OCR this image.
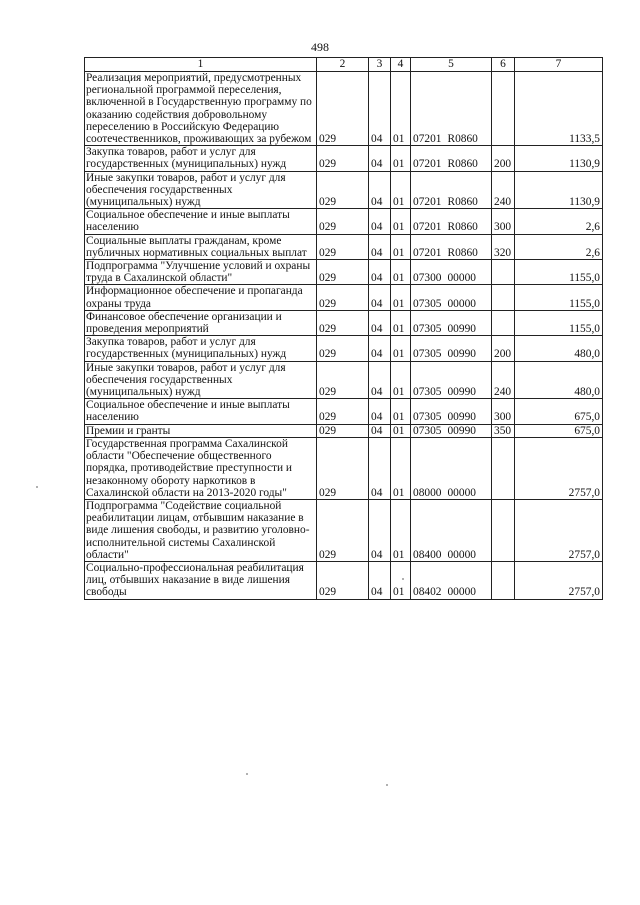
498
1	2	3	4	5	6	7
Реализация мероприятий, предусмотренных региональной программой переселения, включенной в Государственную программу по оказанию содействия добровольному переселению в Российскую Федерацию соотечественников, проживающих за рубежом	029	04	01	07201 R0860		1133,5
Закупка товаров, работ и услуг для государственных (муниципальных) нужд	029	04	01	07201 R0860	200	1130,9
Иные закупки товаров, работ и услуг для обеспечения государственных (муниципальных) нужд	029	04	01	07201 R0860	240	1130,9
Социальное обеспечение и иные выплаты населению	029	04	01	07201 R0860	300	2,6
Социальные выплаты гражданам, кроме публичных нормативных социальных выплат	029	04	01	07201 R0860	320	2,6
Подпрограмма "Улучшение условий и охраны труда в Сахалинской области"	029	04	01	07300 00000		1155,0
Информационное обеспечение и пропаганда охраны труда	029	04	01	07305 00000		1155,0
Финансовое обеспечение организации и проведения мероприятий	029	04	01	07305 00990		1155,0
Закупка товаров, работ и услуг для государственных (муниципальных) нужд	029	04	01	07305 00990	200	480,0
Иные закупки товаров, работ и услуг для обеспечения государственных (муниципальных) нужд	029	04	01	07305 00990	240	480,0
Социальное обеспечение и иные выплаты населению	029	04	01	07305 00990	300	675,0
Премии и гранты	029	04	01	07305 00990	350	675,0
Государственная программа Сахалинской области "Обеспечение общественного порядка, противодействие преступности и незаконному обороту наркотиков в Сахалинской области на 2013-2020 годы"	029	04	01	08000 00000		2757,0
Подпрограмма "Содействие социальной реабилитации лицам, отбывшим наказание в виде лишения свободы, и развитию уголовно-исполнительной системы Сахалинской области"	029	04	01	08400 00000		2757,0
Социально-профессиональная реабилитация лиц, отбывших наказание в виде лишения свободы	029	04	01	08402 00000		2757,0
